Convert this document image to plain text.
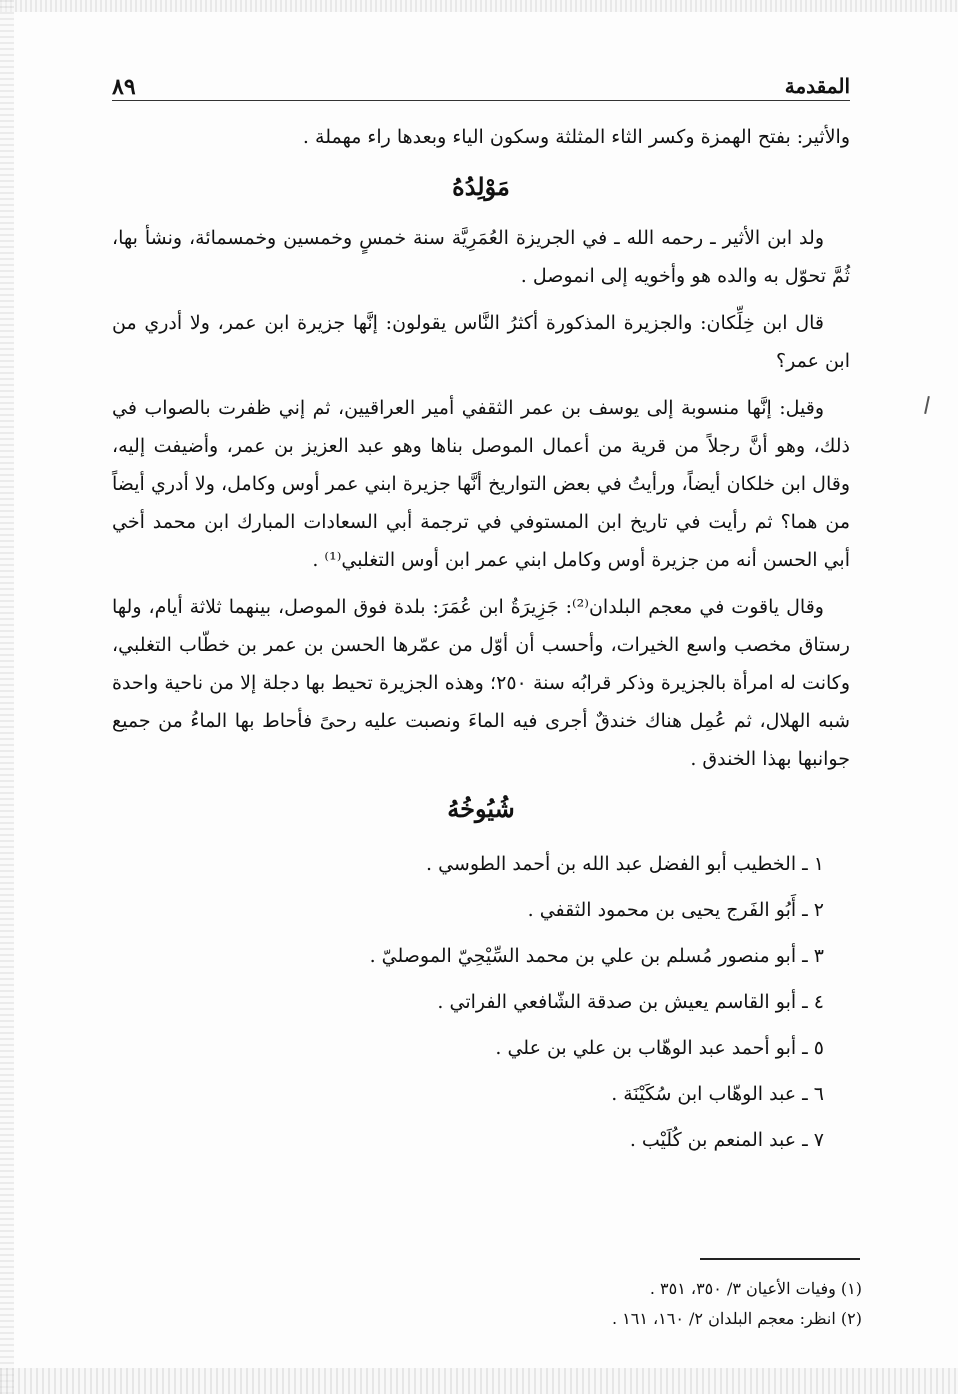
المقدمة
٨٩

والأثير: بفتح الهمزة وكسر الثاء المثلثة وسكون الياء وبعدها راء مهملة .

مَوْلِدُهُ

ولد ابن الأثير ـ رحمه الله ـ في الجريزة العُمَرِيَّة سنة خمسٍ وخمسين وخمسمائة، ونشأ بها، ثُمَّ تحوّل به والده هو وأخويه إلى انموصل .

قال ابن خِلِّكان: والجزيرة المذكورة أكثرُ النَّاس يقولون: إنَّها جزيرة ابن عمر، ولا أدري من ابن عمر؟

وقيل: إنَّها منسوبة إلى يوسف بن عمر الثقفي أمير العراقيين، ثم إني ظفرت بالصواب في ذلك، وهو أنَّ رجلاً من قرية من أعمال الموصل بناها وهو عبد العزيز بن عمر، وأضيفت إليه، وقال ابن خلكان أيضاً، ورأيتُ في بعض التواريخ أنَّها جزيرة ابني عمر أوس وكامل، ولا أدري أيضاً من هما؟ ثم رأيت في تاريخ ابن المستوفي في ترجمة أبي السعادات المبارك ابن محمد أخي أبي الحسن أنه من جزيرة أوس وكامل ابني عمر ابن أوس التغلبي⁽¹⁾ .

وقال ياقوت في معجم البلدان⁽²⁾: جَزِيرَةُ ابن عُمَرَ: بلدة فوق الموصل، بينهما ثلاثة أيام، ولها رستاق مخصب واسع الخيرات، وأحسب أن أوّل من عمّرها الحسن بن عمر بن خطّاب التغلبي، وكانت له امرأة بالجزيرة وذكر قرابُه سنة ٢٥٠؛ وهذه الجزيرة تحيط بها دجلة إلا من ناحية واحدة شبه الهلال، ثم عُمِل هناك خندقٌ أجرى فيه الماءَ ونصبت عليه رحىً فأحاط بها الماءُ من جميع جوانبها بهذا الخندق .

شُيُوخُهُ
١ ـ الخطيب أبو الفضل عبد الله بن أحمد الطوسي .
٢ ـ أَبُو الفَرج يحيى بن محمود الثقفي .
٣ ـ أبو منصور مُسلم بن علي بن محمد السِّيْحِيّ الموصليّ .
٤ ـ أبو القاسم يعيش بن صدقة الشّافعي الفراتي .
٥ ـ أبو أحمد عبد الوهّاب بن علي بن علي .
٦ ـ عبد الوهّاب ابن سُكَيْنَة .
٧ ـ عبد المنعم بن كُلَيْب .
(١) وفيات الأعيان ٣/ ٣٥٠، ٣٥١ .
(٢) انظر: معجم البلدان ٢/ ١٦٠، ١٦١ .
